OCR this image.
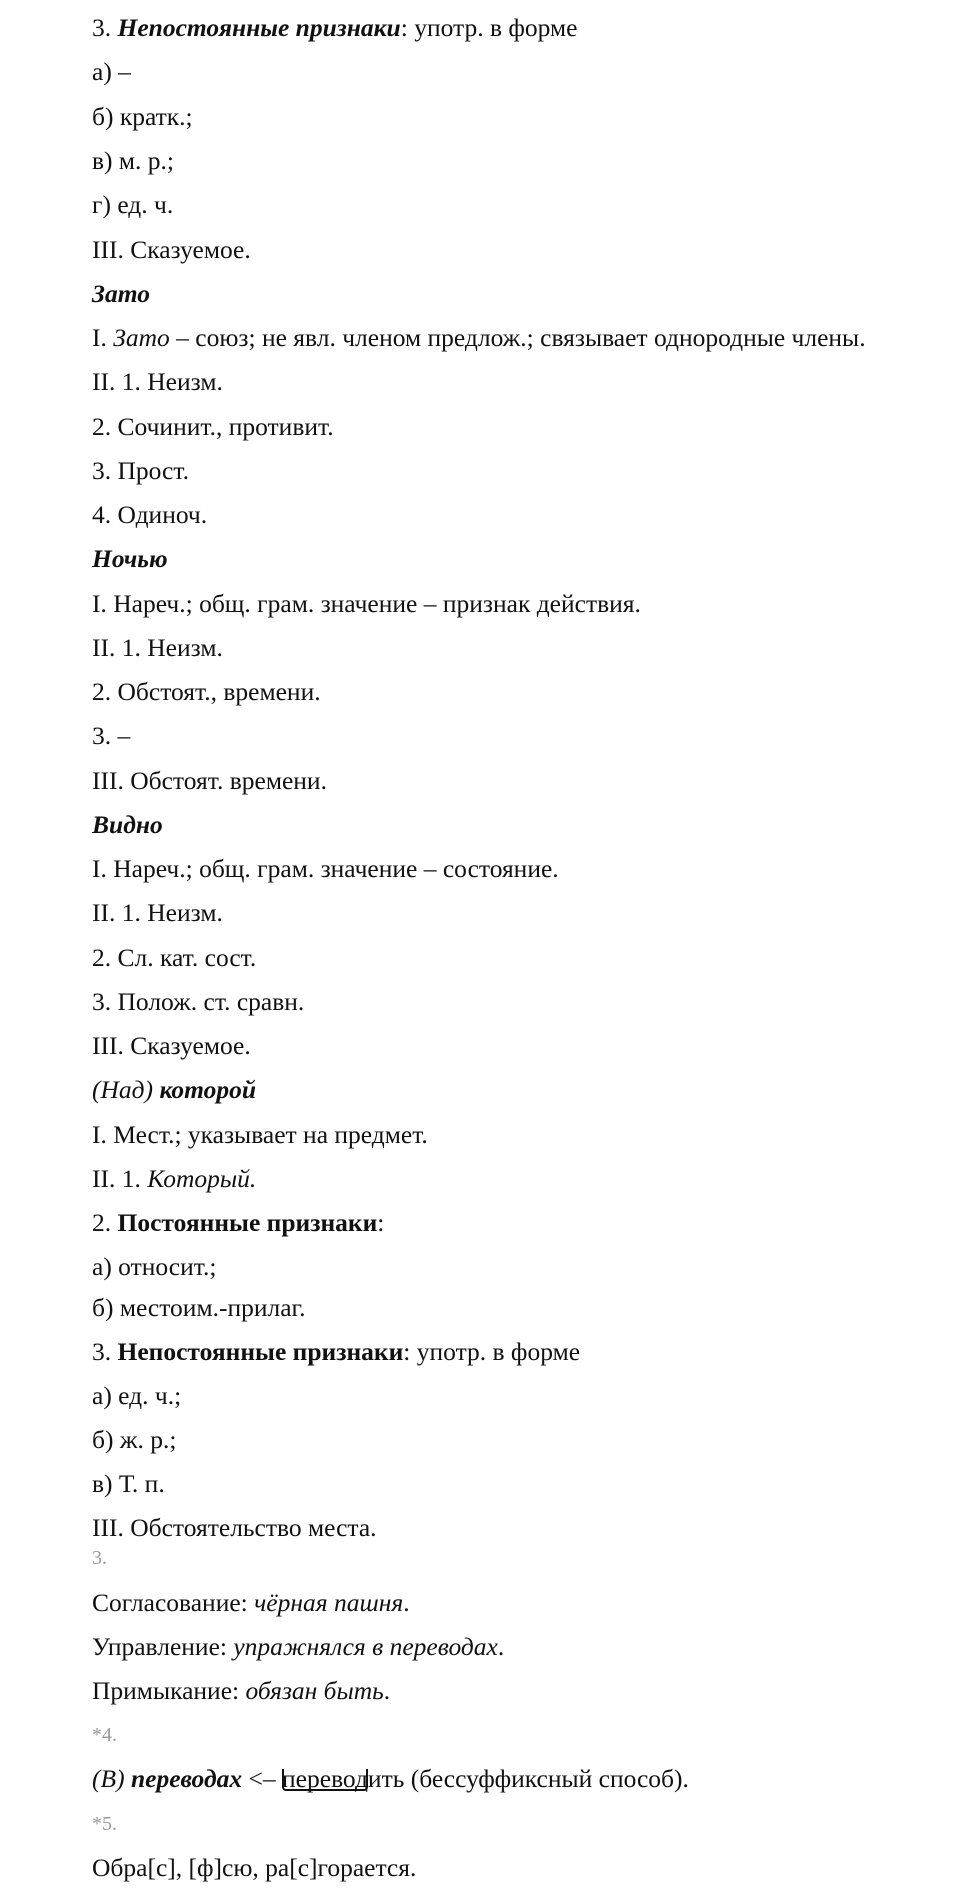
3. Непостоянные признаки: употр. в форме
а) –
б) кратк.;
в) м. р.;
г) ед. ч.
III. Сказуемое.
Зато
I. Зато – союз; не явл. членом предлож.; связывает однородные члены.
II. 1. Неизм.
2. Сочинит., противит.
3. Прост.
4. Одиноч.
Ночью
I. Нареч.; общ. грам. значение – признак действия.
II. 1. Неизм.
2. Обстоят., времени.
3. –
III. Обстоят. времени.
Видно
I. Нареч.; общ. грам. значение – состояние.
II. 1. Неизм.
2. Сл. кат. сост.
3. Полож. ст. сравн.
III. Сказуемое.
(Над) которой
I. Мест.; указывает на предмет.
II. 1. Который.
2. Постоянные признаки:
а) относит.;
б) местоим.-прилаг.
3. Непостоянные признаки: употр. в форме
а) ед. ч.;
б) ж. р.;
в) Т. п.
III. Обстоятельство места.
3.
Согласование: чёрная пашня.
Управление: упражнялся в переводах.
Примыкание: обязан быть.
*4.
(В) переводах <– перевод
ить (бессуффиксный способ).
*5.
Обра[с], [ф]сю, ра[с]горается.
